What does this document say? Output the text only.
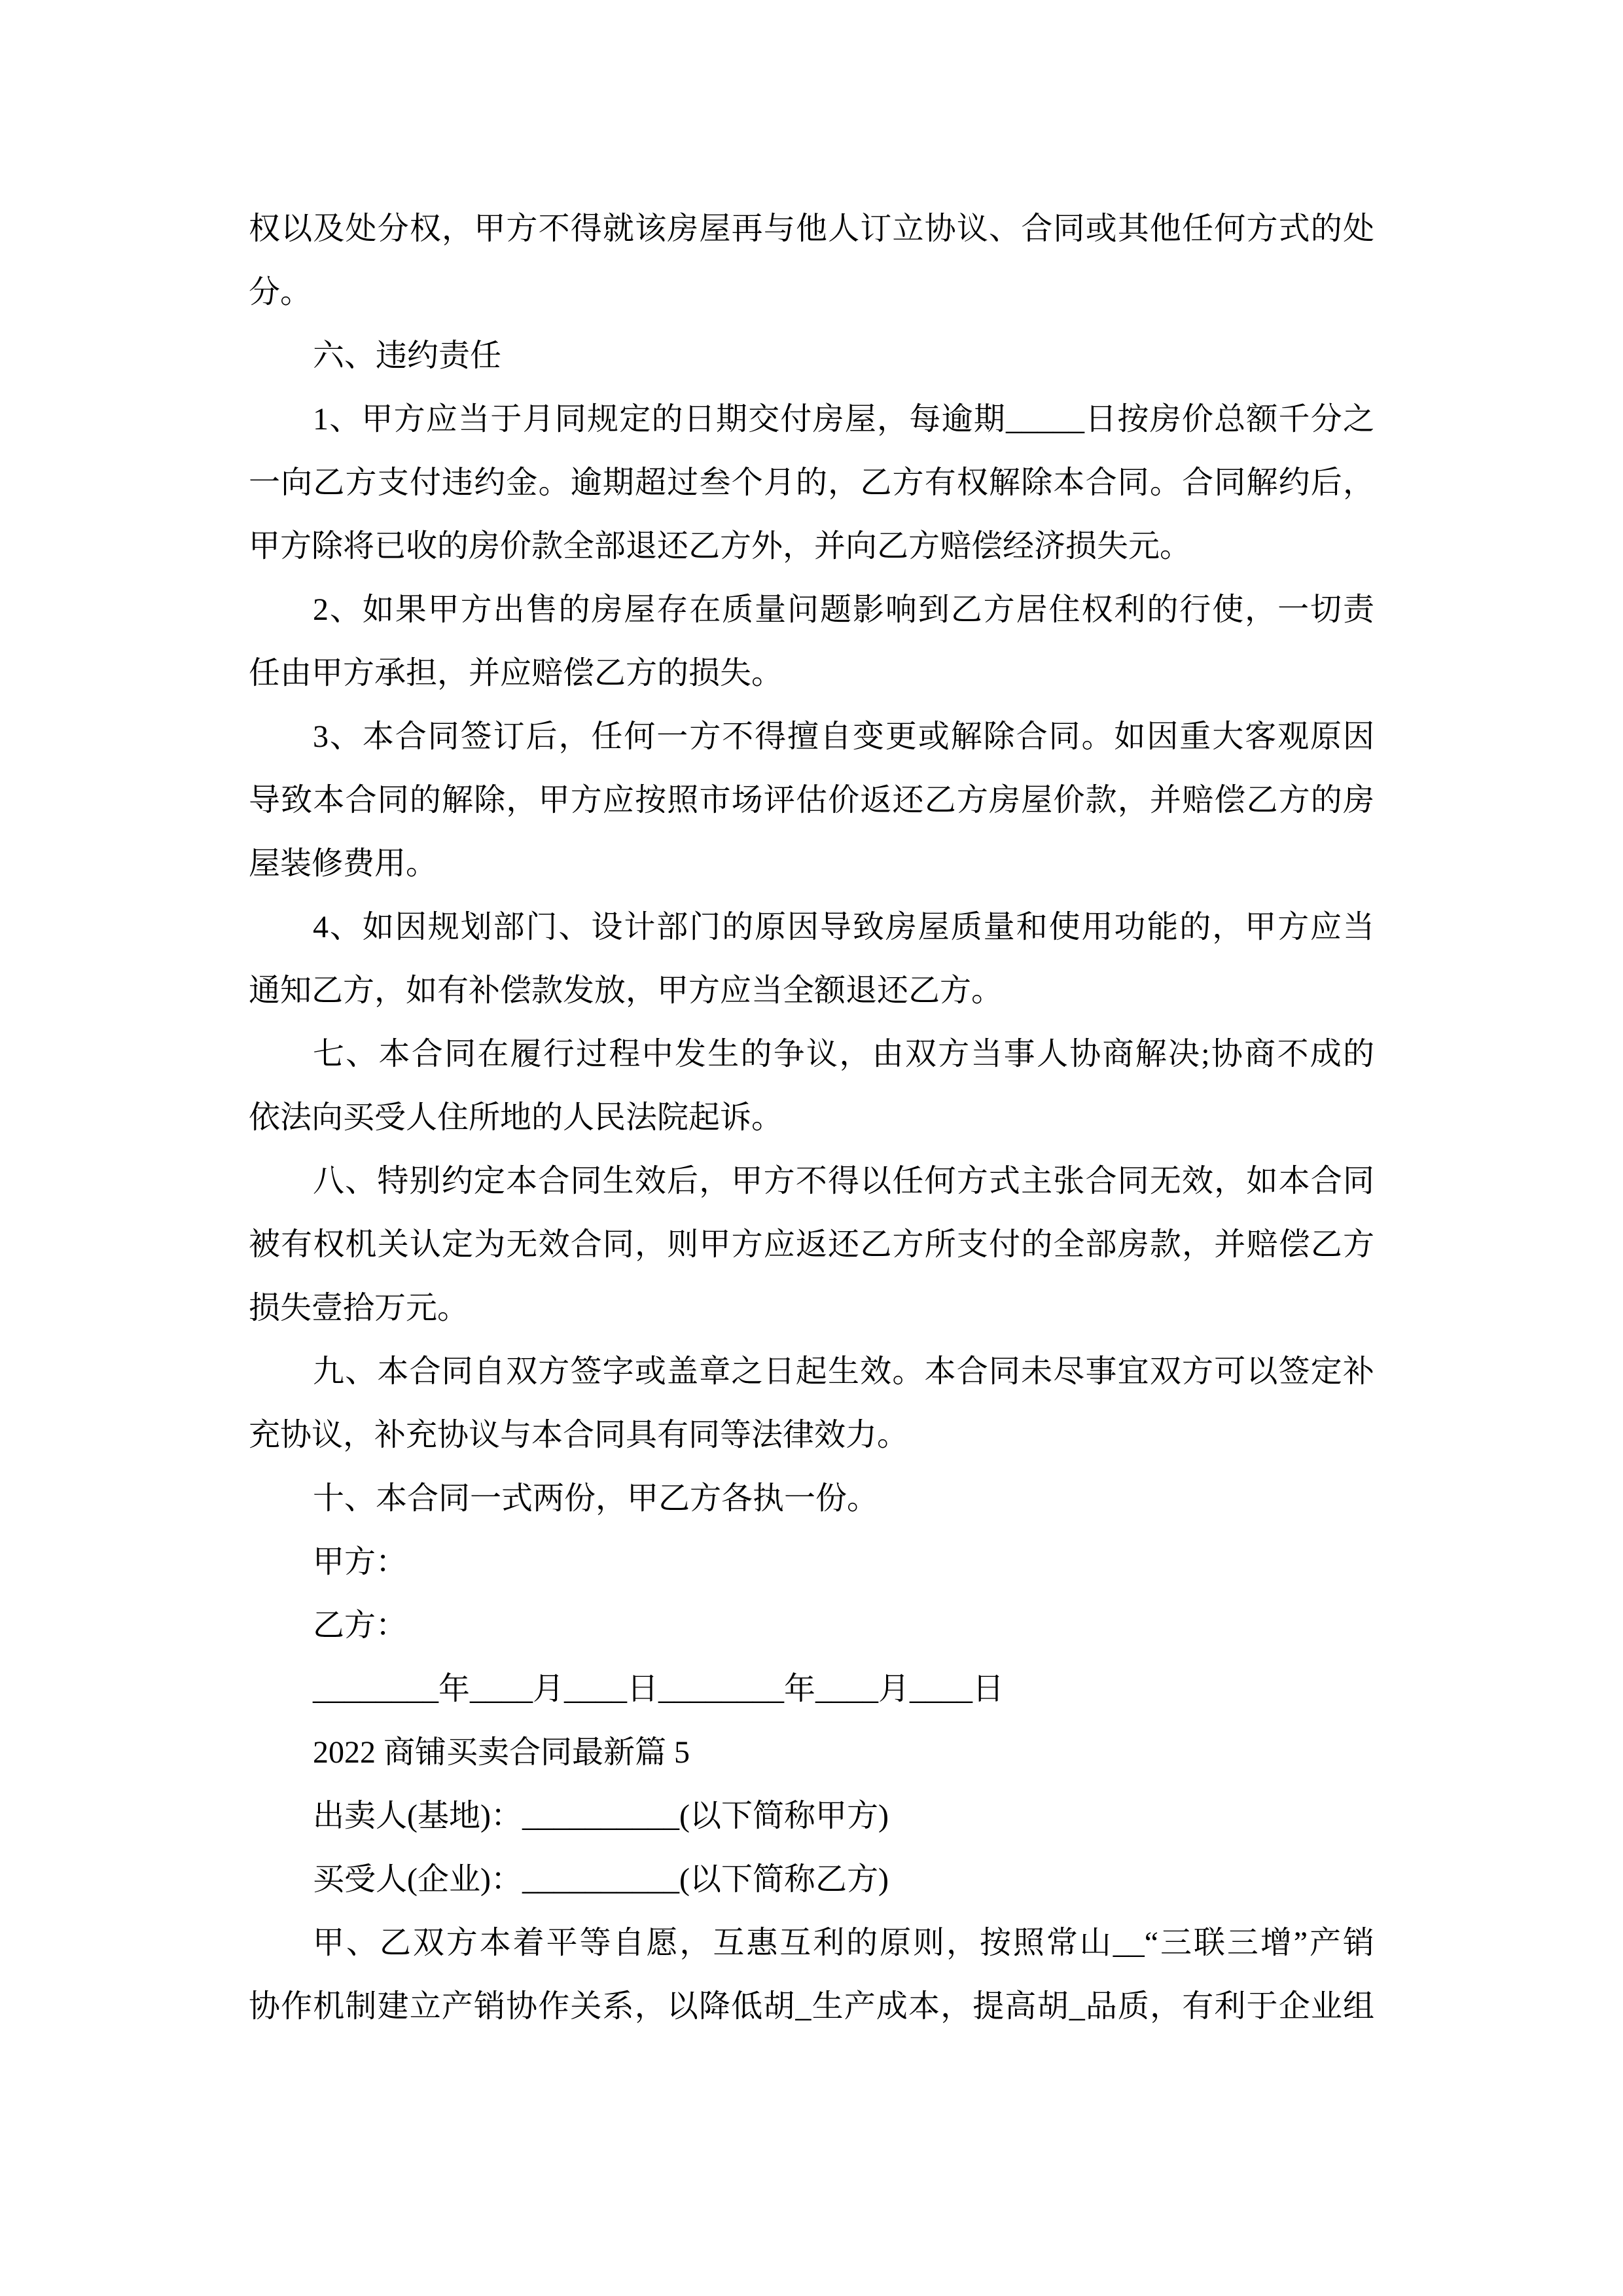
权以及处分权，甲方不得就该房屋再与他人订立协议、合同或其他任何方式的处
分。
六、违约责任
1、甲方应当于月同规定的日期交付房屋，每逾期_____日按房价总额千分之
一向乙方支付违约金。逾期超过叁个月的，乙方有权解除本合同。合同解约后，
甲方除将已收的房价款全部退还乙方外，并向乙方赔偿经济损失元。
2、如果甲方出售的房屋存在质量问题影响到乙方居住权利的行使，一切责
任由甲方承担，并应赔偿乙方的损失。
3、本合同签订后，任何一方不得擅自变更或解除合同。如因重大客观原因
导致本合同的解除，甲方应按照市场评估价返还乙方房屋价款，并赔偿乙方的房
屋装修费用。
4、如因规划部门、设计部门的原因导致房屋质量和使用功能的，甲方应当
通知乙方，如有补偿款发放，甲方应当全额退还乙方。
七、本合同在履行过程中发生的争议，由双方当事人协商解决;协商不成的
依法向买受人住所地的人民法院起诉。
八、特别约定本合同生效后，甲方不得以任何方式主张合同无效，如本合同
被有权机关认定为无效合同，则甲方应返还乙方所支付的全部房款，并赔偿乙方
损失壹拾万元。
九、本合同自双方签字或盖章之日起生效。本合同未尽事宜双方可以签定补
充协议，补充协议与本合同具有同等法律效力。
十、本合同一式两份，甲乙方各执一份。
甲方：
乙方：
________年____月____日________年____月____日
2022 商铺买卖合同最新篇 5
出卖人(基地)：__________(以下简称甲方)
买受人(企业)：__________(以下简称乙方)
甲、乙双方本着平等自愿，互惠互利的原则，按照常山__“三联三增”产销
协作机制建立产销协作关系，以降低胡_生产成本，提高胡_品质，有利于企业组
